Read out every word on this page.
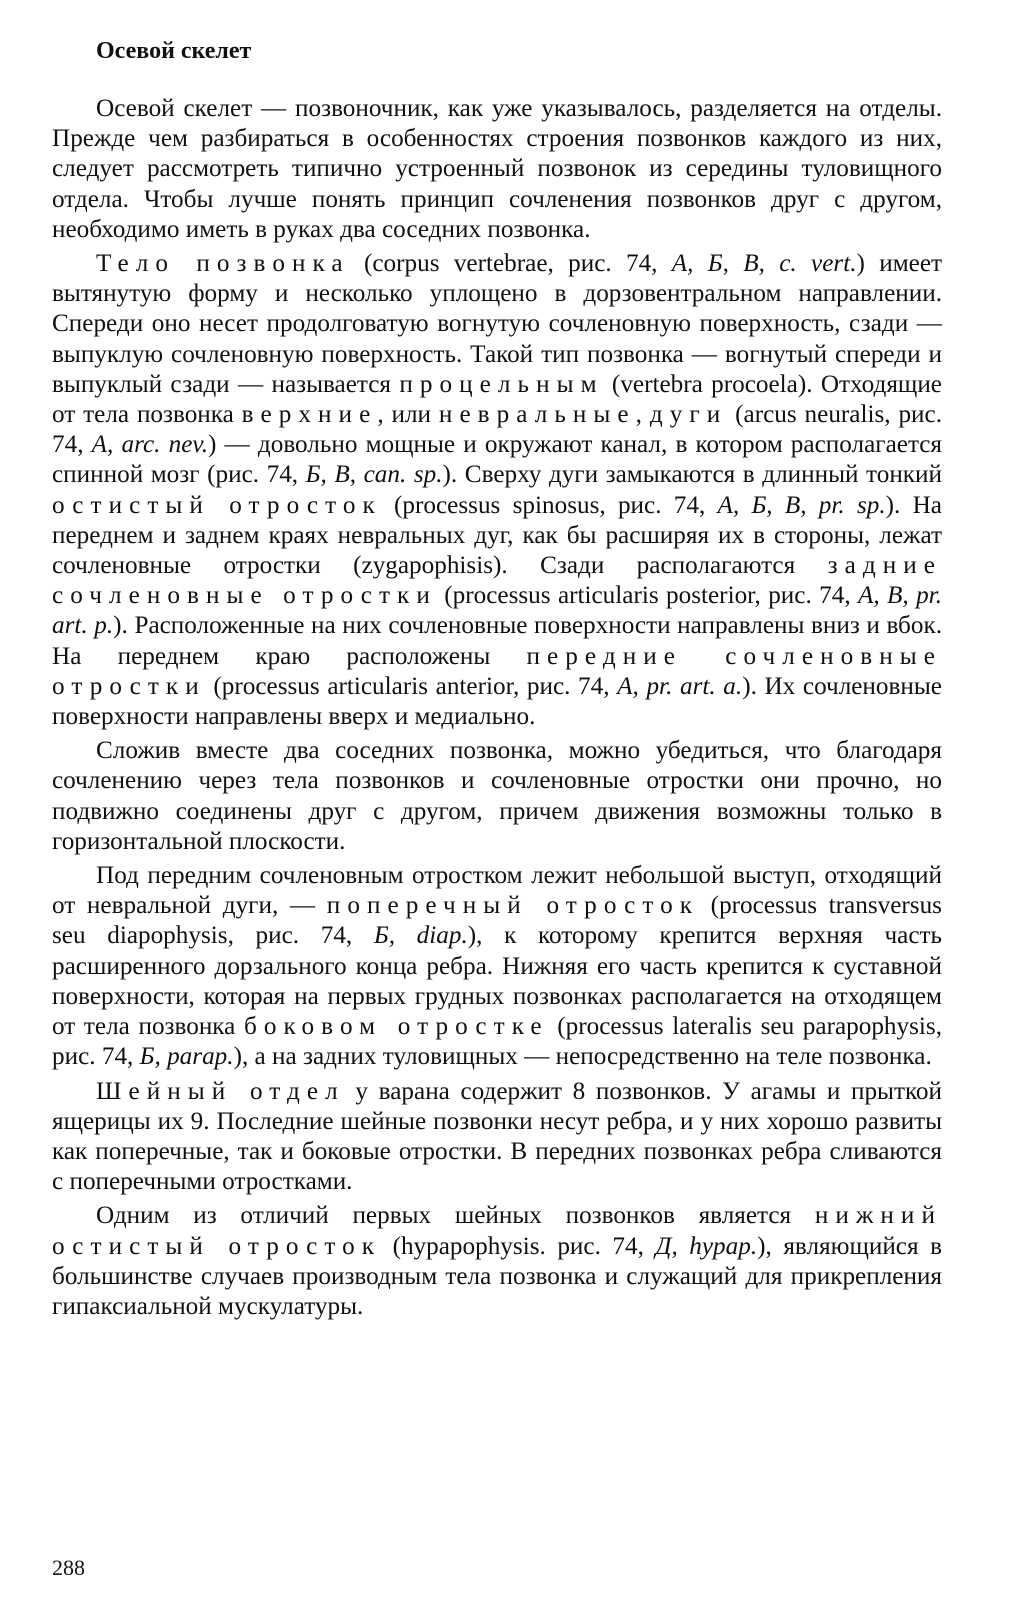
Осевой скелет

Осевой скелет — позвоночник, как уже указывалось, разделяется на отделы. Прежде чем разбираться в особенностях строения позвонков каждого из них, следует рассмотреть типично устроенный позвонок из середины туловищного отдела. Чтобы лучше понять принцип сочленения позвонков друг с другом, необходимо иметь в руках два соседних позвонка.

Тело позвонка (corpus vertebrae, рис. 74, А, Б, В, c. vert.) имеет вытянутую форму и несколько уплощено в дорзовентральном направлении. Спереди оно несет продолговатую вогнутую сочленовную поверхность, сзади — выпуклую сочленовную поверхность. Такой тип позвонка — вогнутый спереди и выпуклый сзади — называется процельным (vertebra procoela). Отходящие от тела позвонка верхние, или невральные, дуги (arcus neuralis, рис. 74, А, arc. nev.) — довольно мощные и окружают канал, в котором располагается спинной мозг (рис. 74, Б, В, can. sp.). Сверху дуги замыкаются в длинный тонкий остистый отросток (processus spinosus, рис. 74, А, Б, В, pr. sp.). На переднем и заднем краях невральных дуг, как бы расширяя их в стороны, лежат сочленовные отростки (zygapophisis). Сзади располагаются задние сочленовные отростки (processus articularis posterior, рис. 74, А, В, pr. art. p.). Расположенные на них сочленовные поверхности направлены вниз и вбок. На переднем краю расположены передние сочленовные отростки (processus articularis anterior, рис. 74, А, pr. art. a.). Их сочленовные поверхности направлены вверх и медиально.

Сложив вместе два соседних позвонка, можно убедиться, что благодаря сочленению через тела позвонков и сочленовные отростки они прочно, но подвижно соединены друг с другом, причем движения возможны только в горизонтальной плоскости.

Под передним сочленовным отростком лежит небольшой выступ, отходящий от невральной дуги, — поперечный отросток (processus transversus seu diapophysis, рис. 74, Б, diap.), к которому крепится верхняя часть расширенного дорзального конца ребра. Нижняя его часть крепится к суставной поверхности, которая на первых грудных позвонках располагается на отходящем от тела позвонка боковом отростке (processus lateralis seu parapophysis, рис. 74, Б, parap.), а на задних туловищных — непосредственно на теле позвонка.

Шейный отдел у варана содержит 8 позвонков. У агамы и прыткой ящерицы их 9. Последние шейные позвонки несут ребра, и у них хорошо развиты как поперечные, так и боковые отростки. В передних позвонках ребра сливаются с поперечными отростками.

Одним из отличий первых шейных позвонков является нижний остистый отросток (hypapophysis. рис. 74, Д, hypap.), являющийся в большинстве случаев производным тела позвонка и служащий для прикрепления гипаксиальной мускулатуры.

288
